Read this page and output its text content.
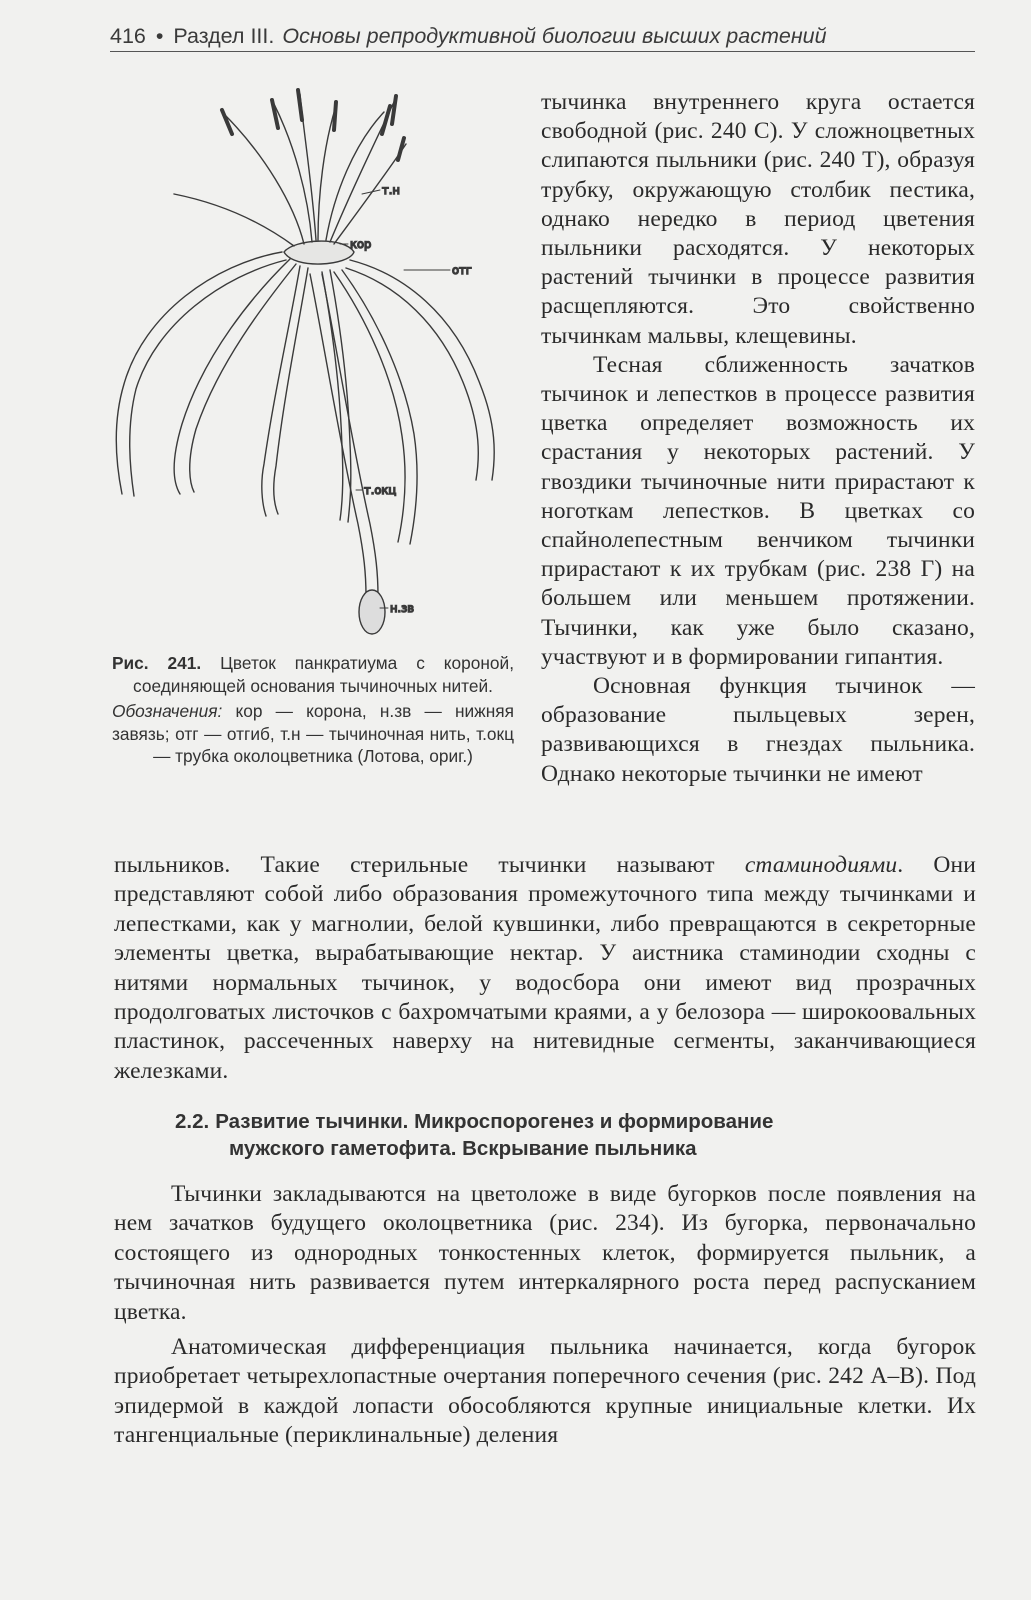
416 • Раздел III. Основы репродуктивной биологии высших растений
т.н
кор
отг
т.окц
н.зв

Рис. 241. Цветок панкратиума с короной, соединяющей основания тычиночных нитей.

Обозначения: кор — корона, н.зв — нижняя завязь; отг — отгиб, т.н — тычиночная нить, т.окц — трубка околоцветника (Лотова, ориг.)

тычинка внутреннего круга остается свободной (рис. 240 С). У сложноцветных слипаются пыльники (рис. 240 Т), образуя трубку, окружающую столбик пестика, однако нередко в период цветения пыльники расходятся. У некоторых растений тычинки в процессе развития расщепляются. Это свойственно тычинкам мальвы, клещевины.

Тесная сближенность зачатков тычинок и лепестков в процессе развития цветка определяет возможность их срастания у некоторых растений. У гвоздики тычиночные нити прирастают к ноготкам лепестков. В цветках со спайнолепестным венчиком тычинки прирастают к их трубкам (рис. 238 Г) на большем или меньшем протяжении. Тычинки, как уже было сказано, участвуют и в формировании гипантия.

Основная функция тычинок — образование пыльцевых зерен, развивающихся в гнездах пыльника. Однако некоторые тычинки не имеют

пыльников. Такие стерильные тычинки называют стаминодиями. Они представляют собой либо образования промежуточного типа между тычинками и лепестками, как у магнолии, белой кувшинки, либо превращаются в секреторные элементы цветка, вырабатывающие нектар. У аистника стаминодии сходны с нитями нормальных тычинок, у водосбора они имеют вид прозрачных продолговатых листочков с бахромчатыми краями, а у белозора — широкоовальных пластинок, рассеченных наверху на нитевидные сегменты, заканчивающиеся железками.

2.2. Развитие тычинки. Микроспорогенез и формирование
мужского гаметофита. Вскрывание пыльника

Тычинки закладываются на цветоложе в виде бугорков после появления на нем зачатков будущего околоцветника (рис. 234). Из бугорка, первоначально состоящего из однородных тонкостенных клеток, формируется пыльник, а тычиночная нить развивается путем интеркалярного роста перед распусканием цветка.

Анатомическая дифференциация пыльника начинается, когда бугорок приобретает четырехлопастные очертания поперечного сечения (рис. 242 А–В). Под эпидермой в каждой лопасти обособляются крупные инициальные клетки. Их тангенциальные (периклинальные) деления
